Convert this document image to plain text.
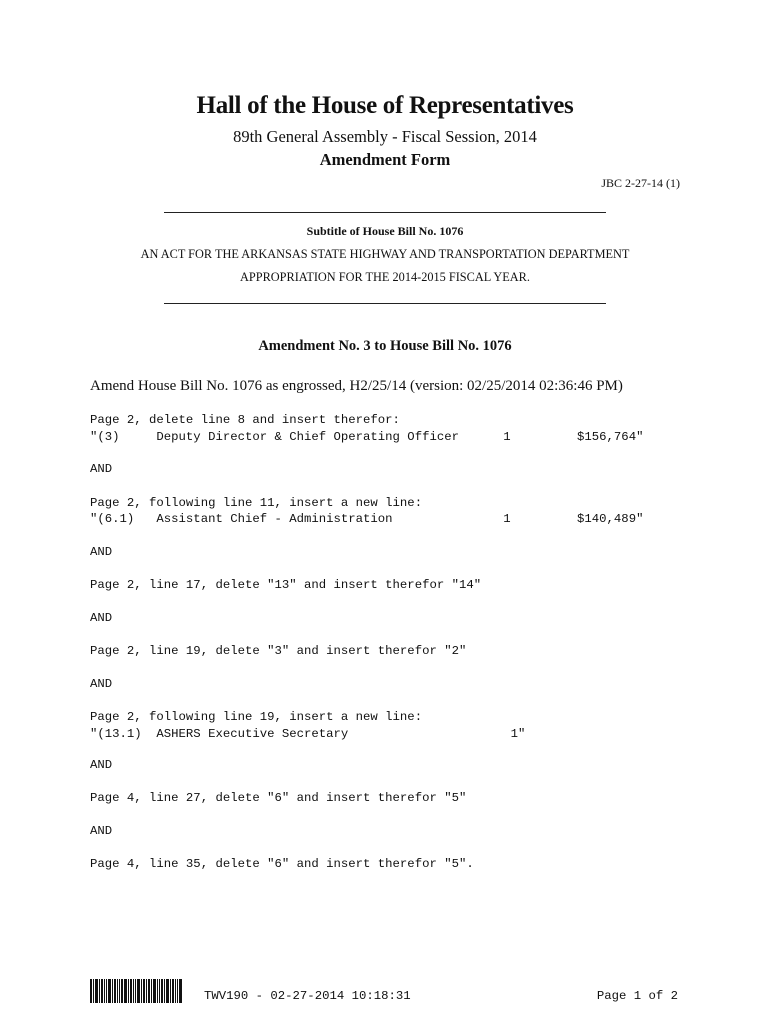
Hall of the House of Representatives
89th General Assembly - Fiscal Session, 2014
Amendment Form
JBC 2-27-14 (1)
Subtitle of House Bill No. 1076
AN ACT FOR THE ARKANSAS STATE HIGHWAY AND TRANSPORTATION DEPARTMENT
APPROPRIATION FOR THE 2014-2015 FISCAL YEAR.
Amendment No. 3 to House Bill No. 1076
Amend House Bill No. 1076 as engrossed, H2/25/14 (version: 02/25/2014 02:36:46 PM)
Page 2, delete line 8 and insert therefor:
"(3)     Deputy Director & Chief Operating Officer      1         $156,764"
AND
Page 2, following line 11, insert a new line:
"(6.1)   Assistant Chief - Administration               1         $140,489"
AND
Page 2, line 17, delete "13" and insert therefor "14"
AND
Page 2, line 19, delete "3" and insert therefor "2"
AND
Page 2, following line 19, insert a new line:
"(13.1)  ASHERS Executive Secretary                      1"
AND
Page 4, line 27, delete "6" and insert therefor "5"
AND
Page 4, line 35, delete "6" and insert therefor "5".
TWV190 - 02-27-2014 10:18:31	Page 1 of 2
